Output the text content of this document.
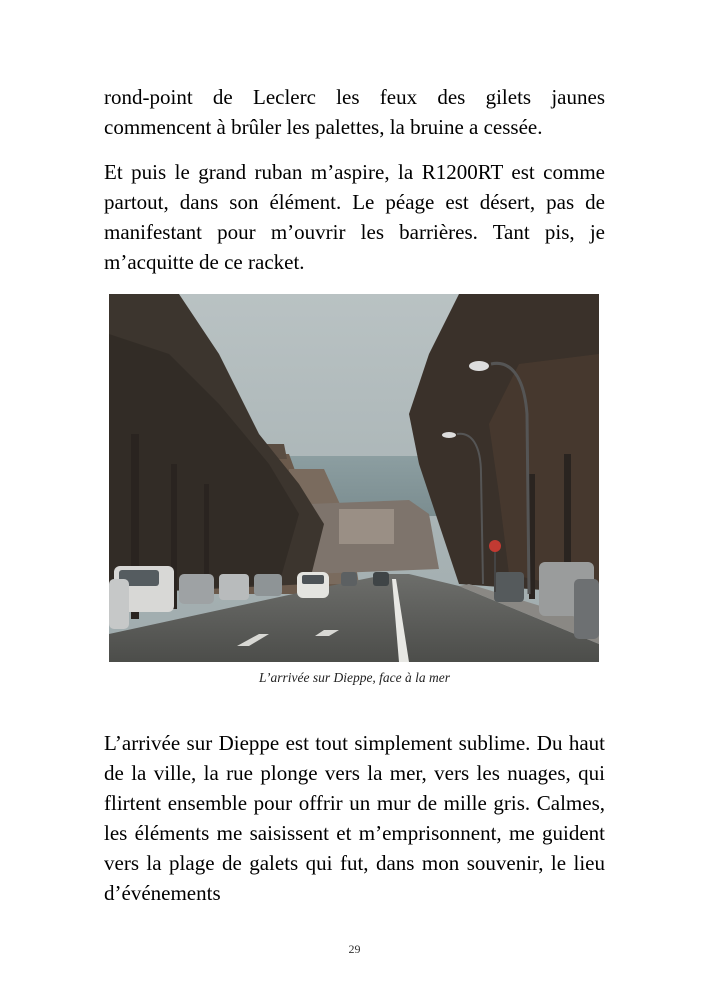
rond-point de Leclerc les feux des gilets jaunes commencent à brûler les palettes, la bruine a cessée.

Et puis le grand ruban m’aspire, la R1200RT est comme partout, dans son élément. Le péage est désert, pas de manifestant pour m’ouvrir les barrières. Tant pis, je m’acquitte de ce racket.

L’arrivée sur Dieppe, face à la mer

L’arrivée sur Dieppe est tout simplement sublime. Du haut de la ville, la rue plonge vers la mer, vers les nuages, qui flirtent ensemble pour offrir un mur de mille gris. Calmes, les éléments me saisissent et m’emprisonnent, me guident vers la plage de galets qui fut, dans mon souvenir, le lieu d’événements

29
